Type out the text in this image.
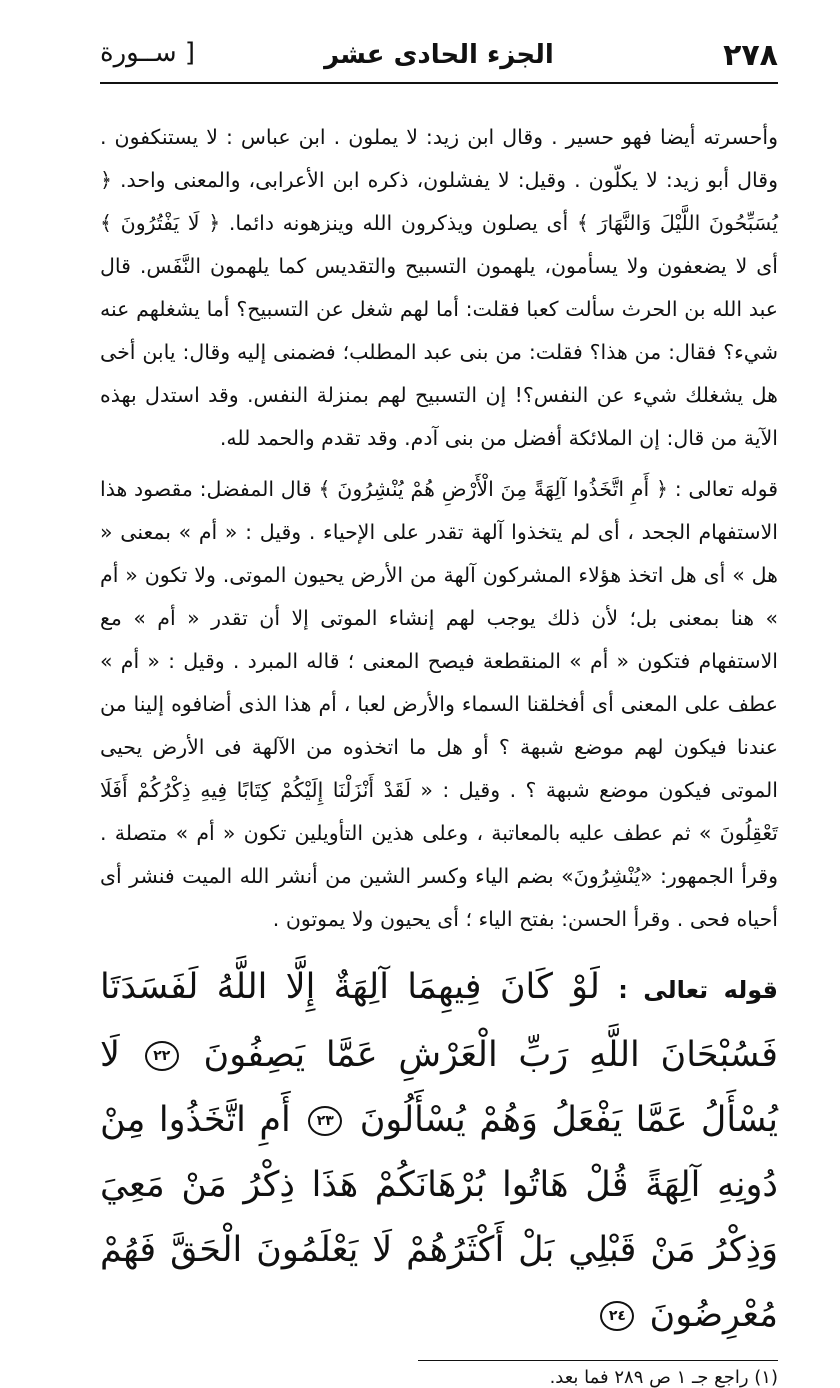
٢٧٨
الجزء الحادى عشر
[ ســورة

وأحسرته أيضا فهو حسير . وقال ابن زيد: لا يملون . ابن عباس : لا يستنكفون . وقال أبو زيد: لا يكلّون . وقيل: لا يفشلون، ذكره ابن الأعرابى، والمعنى واحد. ﴿ يُسَبِّحُونَ اللَّيْلَ وَالنَّهَارَ ﴾ أى يصلون ويذكرون الله وينزهونه دائما. ﴿ لَا يَفْتُرُونَ ﴾ أى لا يضعفون ولا يسأمون، يلهمون التسبيح والتقديس كما يلهمون النَّفَس. قال عبد الله بن الحرث سألت كعبا فقلت: أما لهم شغل عن التسبيح؟ أما يشغلهم عنه شيء؟ فقال: من هذا؟ فقلت: من بنى عبد المطلب؛ فضمنى إليه وقال: يابن أخى هل يشغلك شيء عن النفس؟! إن التسبيح لهم بمنزلة النفس. وقد استدل بهذه الآية من قال: إن الملائكة أفضل من بنى آدم. وقد تقدم والحمد لله.

قوله تعالى : ﴿ أَمِ اتَّخَذُوا آلِهَةً مِنَ الْأَرْضِ هُمْ يُنْشِرُونَ ﴾ قال المفضل: مقصود هذا الاستفهام الجحد ، أى لم يتخذوا آلهة تقدر على الإحياء . وقيل : « أم » بمعنى « هل » أى هل اتخذ هؤلاء المشركون آلهة من الأرض يحيون الموتى. ولا تكون « أم » هنا بمعنى بل؛ لأن ذلك يوجب لهم إنشاء الموتى إلا أن تقدر « أم » مع الاستفهام فتكون « أم » المنقطعة فيصح المعنى ؛ قاله المبرد . وقيل : « أم » عطف على المعنى أى أفخلقنا السماء والأرض لعبا ، أم هذا الذى أضافوه إلينا من عندنا فيكون لهم موضع شبهة ؟ أو هل ما اتخذوه من الآلهة فى الأرض يحيى الموتى فيكون موضع شبهة ؟ . وقيل : « لَقَدْ أَنْزَلْنَا إِلَيْكُمْ كِتَابًا فِيهِ ذِكْرُكُمْ أَفَلَا تَعْقِلُونَ » ثم عطف عليه بالمعاتبة ، وعلى هذين التأويلين تكون « أم » متصلة . وقرأ الجمهور: «يُنْشِرُونَ» بضم الياء وكسر الشين من أنشر الله الميت فنشر أى أحياه فحى . وقرأ الحسن: بفتح الياء ؛ أى يحيون ولا يموتون .

قوله تعالى : لَوْ كَانَ فِيهِمَا آلِهَةٌ إِلَّا اللَّهُ لَفَسَدَتَا فَسُبْحَانَ اللَّهِ رَبِّ الْعَرْشِ عَمَّا يَصِفُونَ ٢٢ لَا يُسْأَلُ عَمَّا يَفْعَلُ وَهُمْ يُسْأَلُونَ ٢٣ أَمِ اتَّخَذُوا مِنْ دُونِهِ آلِهَةً قُلْ هَاتُوا بُرْهَانَكُمْ هَذَا ذِكْرُ مَنْ مَعِيَ وَذِكْرُ مَنْ قَبْلِي بَلْ أَكْثَرُهُمْ لَا يَعْلَمُونَ الْحَقَّ فَهُمْ مُعْرِضُونَ ٢٤
(١) راجع جـ ١ ص ٢٨٩ فما بعد.
